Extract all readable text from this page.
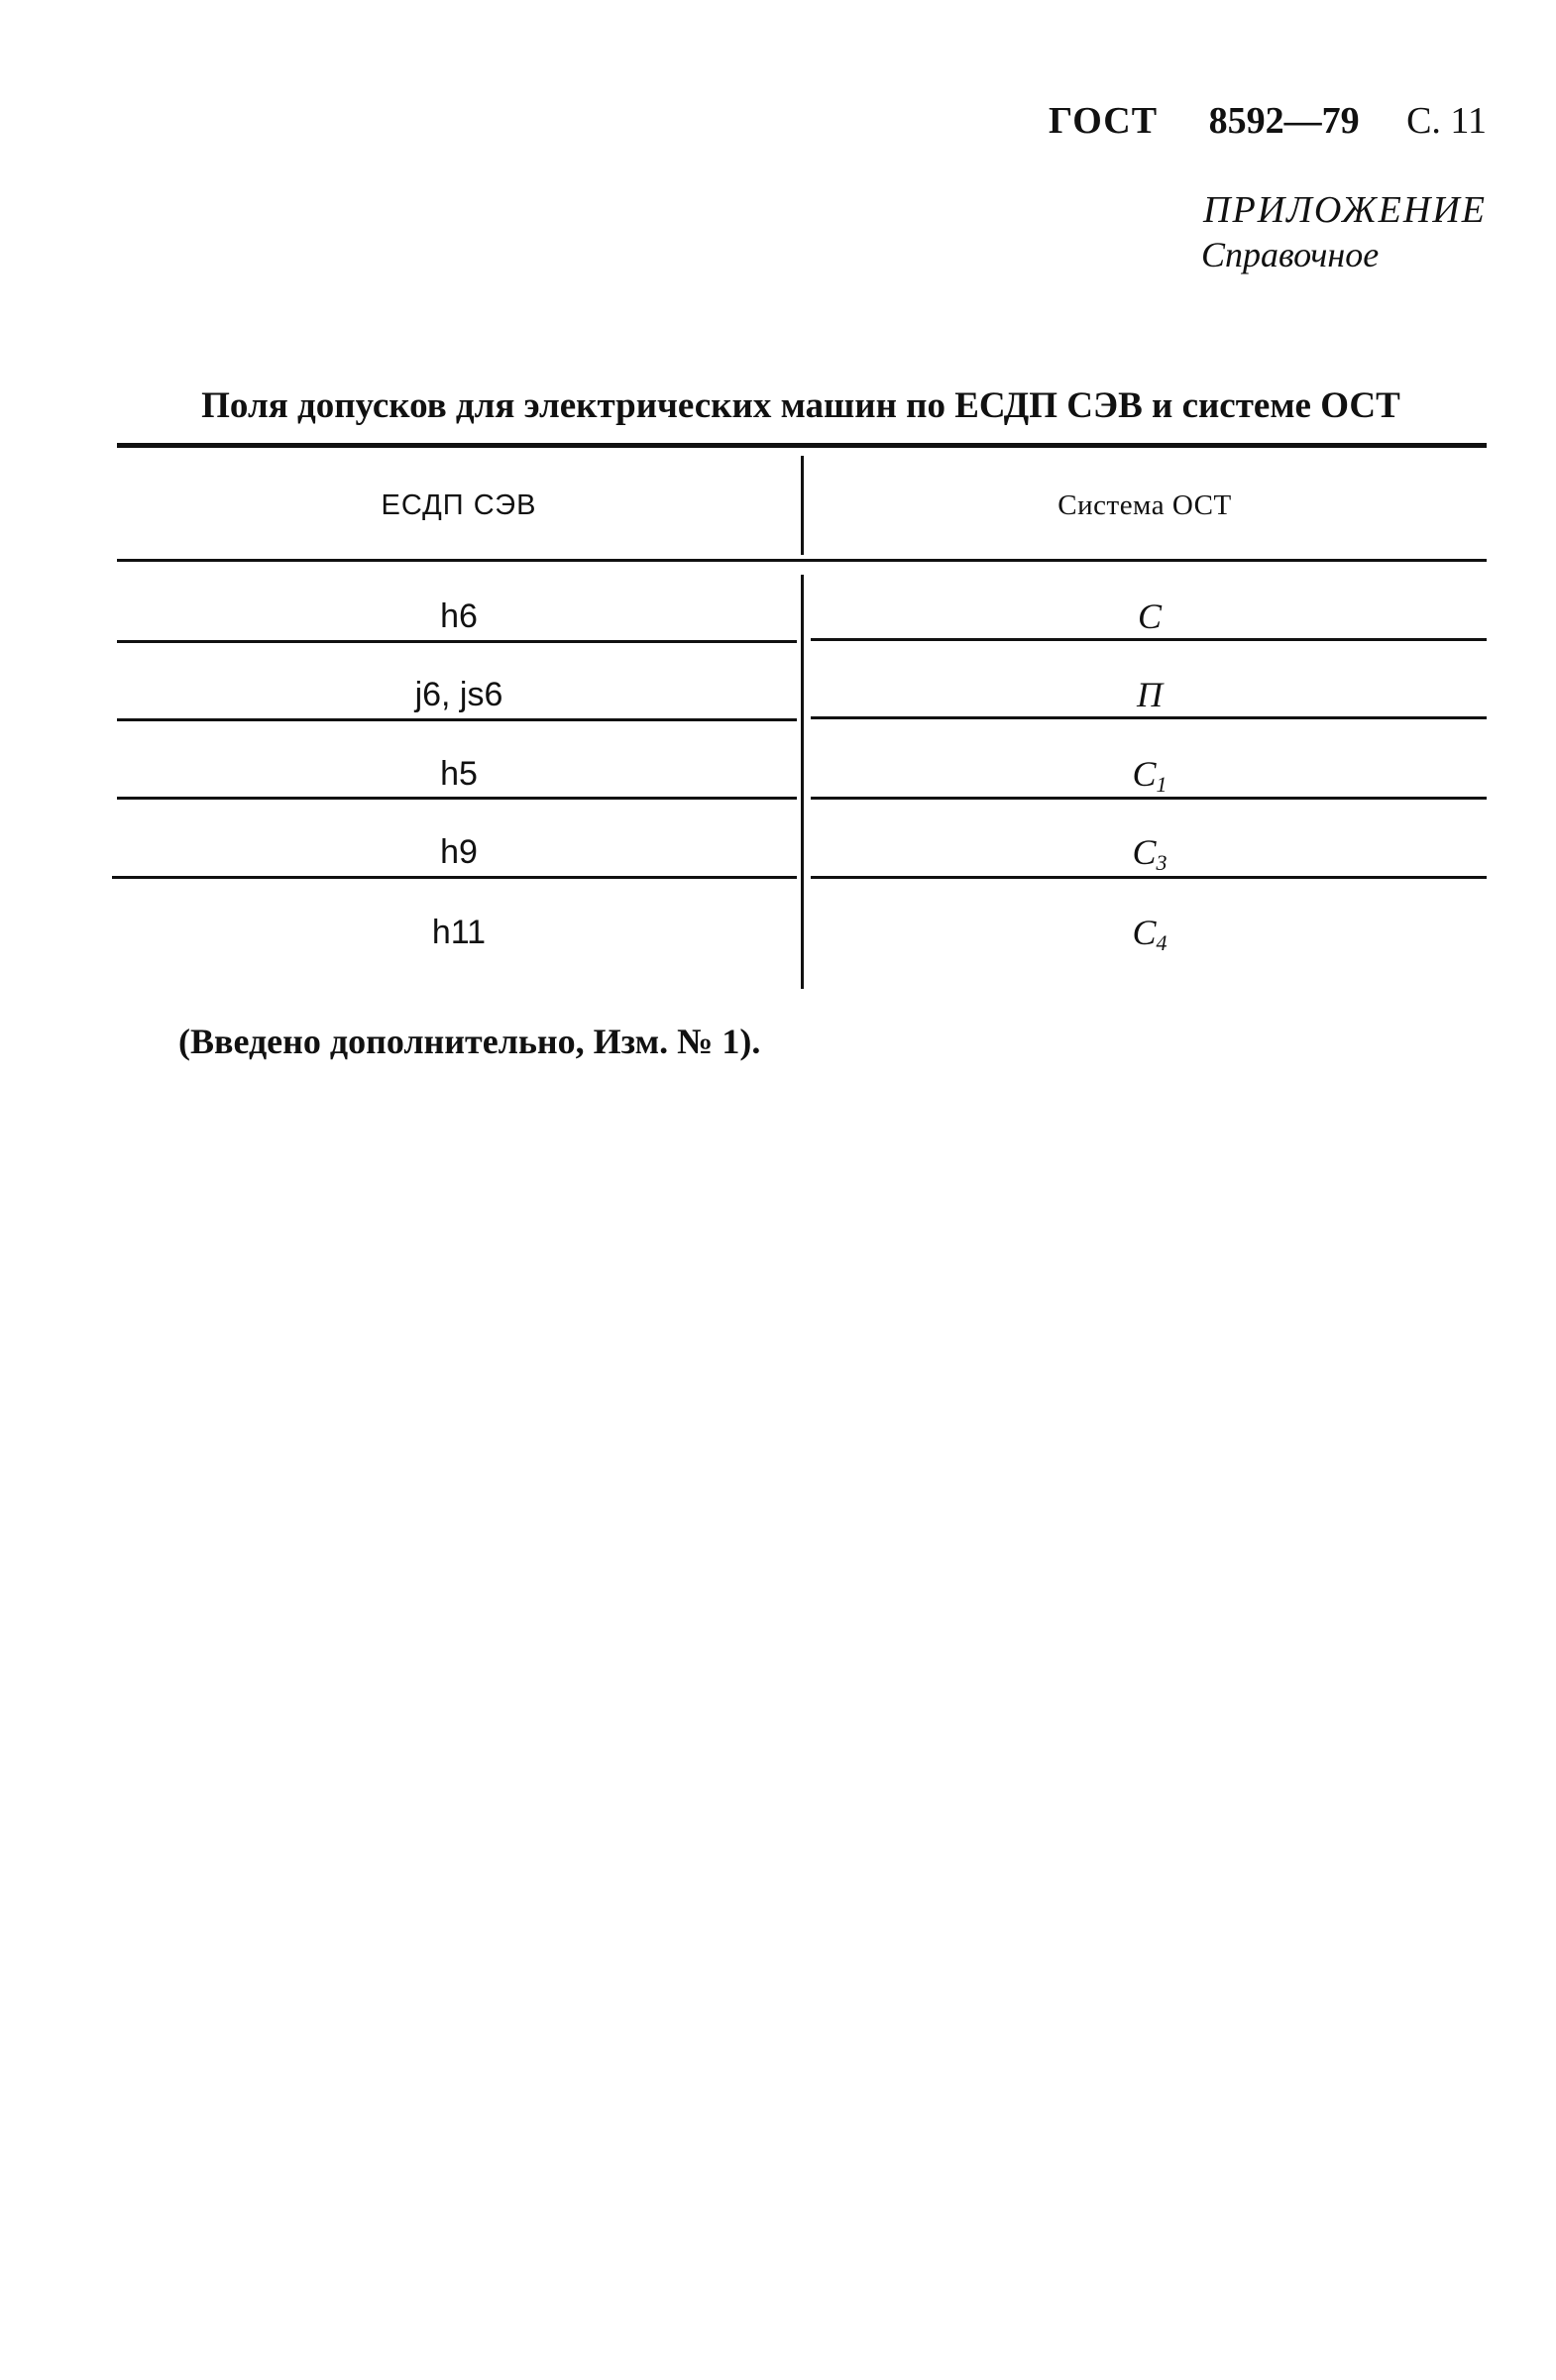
ГОСТ 8592—79 С. 11
ПРИЛОЖЕНИЕ
Справочное
Поля допусков для электрических машин по ЕСДП СЭВ и системе ОСТ
ЕСДП СЭВ	Система ОСТ
h6	C
j6, js6	П
h5	$C_1$
h9	$C_3$
h11	$C_4$
(Введено дополнительно, Изм. № 1).
